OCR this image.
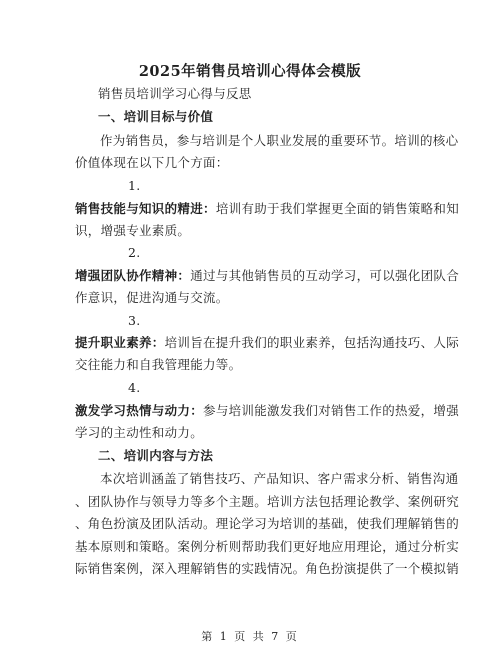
2025年销售员培训心得体会模版
销售员培训学习心得与反思
一、培训目标与价值
作为销售员，参与培训是个人职业发展的重要环节。培训的核心
价值体现在以下几个方面：
1.
销售技能与知识的精进：培训有助于我们掌握更全面的销售策略和知
识，增强专业素质。
2.
增强团队协作精神：通过与其他销售员的互动学习，可以强化团队合
作意识，促进沟通与交流。
3.
提升职业素养：培训旨在提升我们的职业素养，包括沟通技巧、人际
交往能力和自我管理能力等。
4.
激发学习热情与动力：参与培训能激发我们对销售工作的热爱，增强
学习的主动性和动力。
二、培训内容与方法
本次培训涵盖了销售技巧、产品知识、客户需求分析、销售沟通
、团队协作与领导力等多个主题。培训方法包括理论教学、案例研究
、角色扮演及团队活动。理论学习为培训的基础，使我们理解销售的
基本原则和策略。案例分析则帮助我们更好地应用理论，通过分析实
际销售案例，深入理解销售的实践情况。角色扮演提供了一个模拟销
第 1 页 共 7 页
